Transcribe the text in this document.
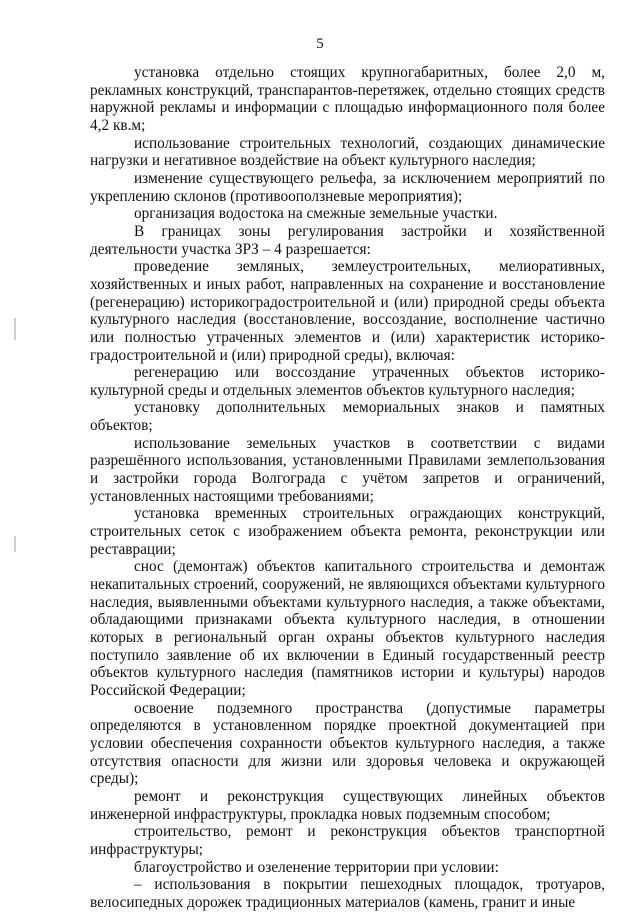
5

установка отдельно стоящих крупногабаритных, более 2,0 м, рекламных конструкций, транспарантов-перетяжек, отдельно стоящих средств наружной рекламы и информации с площадью информационного поля более 4,2 кв.м;

использование строительных технологий, создающих динамические нагрузки и негативное воздействие на объект культурного наследия;

изменение существующего рельефа, за исключением мероприятий по укреплению склонов (противооползневые мероприятия);

организация водостока на смежные земельные участки.

В границах зоны регулирования застройки и хозяйственной деятельности участка ЗРЗ – 4 разрешается:

проведение земляных, землеустроительных, мелиоративных, хозяйственных и иных работ, направленных на сохранение и восстановление (регенерацию) историкоградостроительной и (или) природной среды объекта культурного наследия (восстановление, воссоздание, восполнение частично или полностью утраченных элементов и (или) характеристик историко-градостроительной и (или) природной среды), включая:

регенерацию или воссоздание утраченных объектов историко-культурной среды и отдельных элементов объектов культурного наследия;

установку дополнительных мемориальных знаков и памятных объектов;

использование земельных участков в соответствии с видами разрешённого использования, установленными Правилами землепользования и застройки города Волгограда с учётом запретов и ограничений, установленных настоящими требованиями;

установка временных строительных ограждающих конструкций, строительных сеток с изображением объекта ремонта, реконструкции или реставрации;

снос (демонтаж) объектов капитального строительства и демонтаж некапитальных строений, сооружений, не являющихся объектами культурного наследия, выявленными объектами культурного наследия, а также объектами, обладающими признаками объекта культурного наследия, в отношении которых в региональный орган охраны объектов культурного наследия поступило заявление об их включении в Единый государственный реестр объектов культурного наследия (памятников истории и культуры) народов Российской Федерации;

освоение подземного пространства (допустимые параметры определяются в установленном порядке проектной документацией при условии обеспечения сохранности объектов культурного наследия, а также отсутствия опасности для жизни или здоровья человека и окружающей среды);

ремонт и реконструкция существующих линейных объектов инженерной инфраструктуры, прокладка новых подземным способом;

строительство, ремонт и реконструкция объектов транспортной инфраструктуры;

благоустройство и озеленение территории при условии:

– использования в покрытии пешеходных площадок, тротуаров, велосипедных дорожек традиционных материалов (камень, гранит и иные
